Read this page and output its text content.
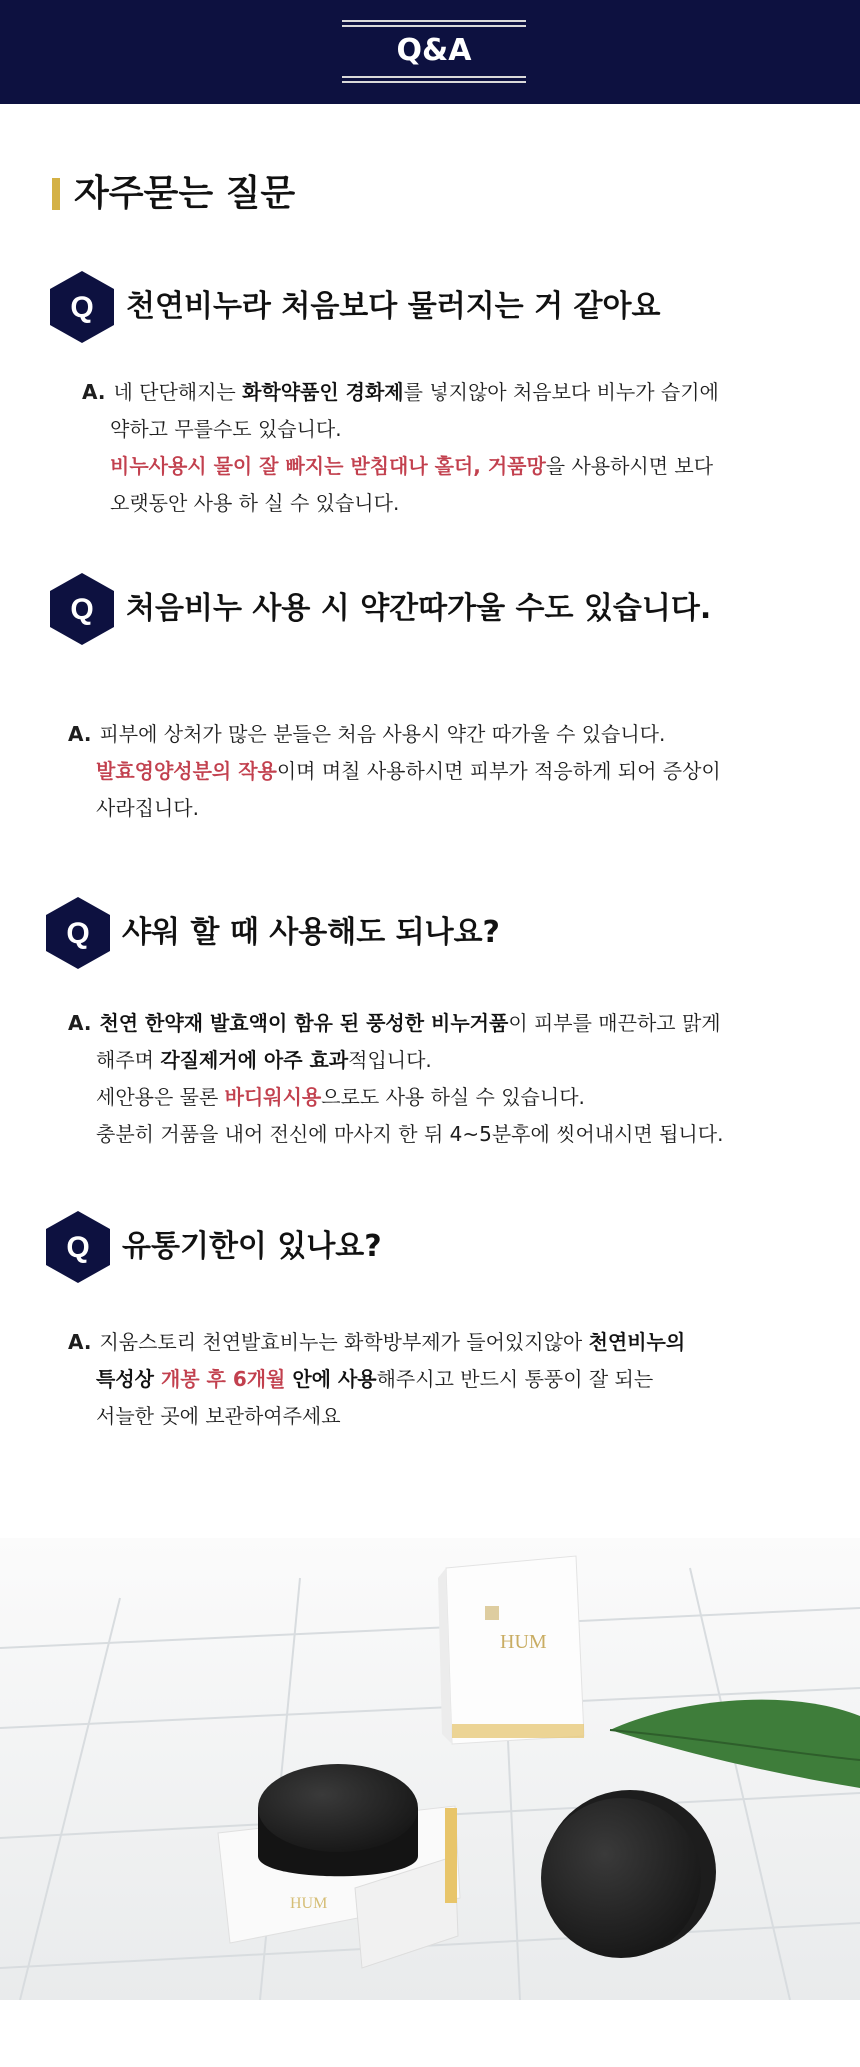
Q&A
자주묻는 질문
Q 천연비누라 처음보다 물러지는 거 같아요
A. 네 단단해지는 화학약품인 경화제를 넣지않아 처음보다 비누가 습기에
약하고 무를수도 있습니다.
비누사용시 물이 잘 빠지는 받침대나 홀더, 거품망을 사용하시면 보다
오랫동안 사용 하 실 수 있습니다.
Q 처음비누 사용 시 약간따가울 수도 있습니다.
A. 피부에 상처가 많은 분들은 처음 사용시 약간 따가울 수 있습니다.
발효영양성분의 작용이며 며칠 사용하시면 피부가 적응하게 되어 증상이
사라집니다.
Q 샤워 할 때 사용해도 되나요?
A. 천연 한약재 발효액이 함유 된 풍성한 비누거품이 피부를 매끈하고 맑게
해주며 각질제거에 아주 효과적입니다.
세안용은 물론 바디워시용으로도 사용 하실 수 있습니다.
충분히 거품을 내어 전신에 마사지 한 뒤 4~5분후에 씻어내시면 됩니다.
Q 유통기한이 있나요?
A. 지움스토리 천연발효비누는 화학방부제가 들어있지않아 천연비누의
특성상 개봉 후 6개월 안에 사용해주시고 반드시 통풍이 잘 되는
서늘한 곳에 보관하여주세요
HUM
HUM
